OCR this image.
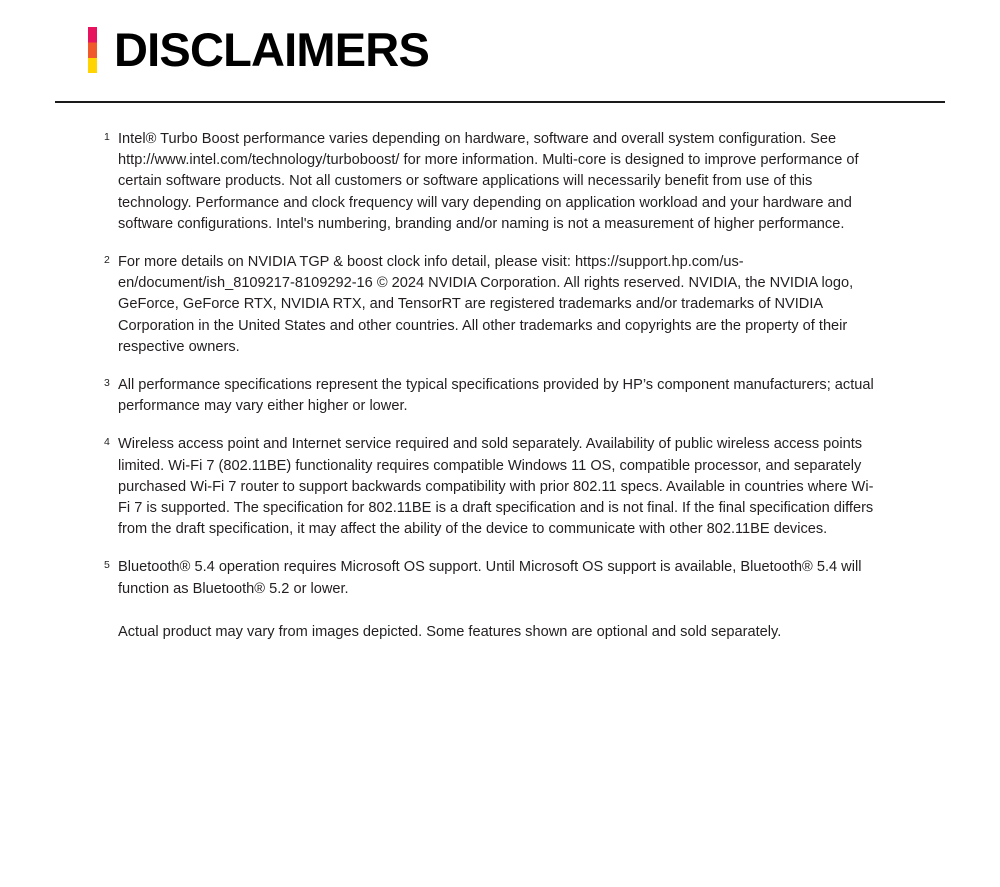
DISCLAIMERS
1 Intel® Turbo Boost performance varies depending on hardware, software and overall system configuration. See http://www.intel.com/technology/turboboost/ for more information. Multi-core is designed to improve performance of certain software products. Not all customers or software applications will necessarily benefit from use of this technology. Performance and clock frequency will vary depending on application workload and your hardware and software configurations. Intel's numbering, branding and/or naming is not a measurement of higher performance.
2 For more details on NVIDIA TGP & boost clock info detail, please visit: https://support.hp.com/us-en/document/ish_8109217-8109292-16 © 2024 NVIDIA Corporation. All rights reserved. NVIDIA, the NVIDIA logo, GeForce, GeForce RTX, NVIDIA RTX, and TensorRT are registered trademarks and/or trademarks of NVIDIA Corporation in the United States and other countries. All other trademarks and copyrights are the property of their respective owners.
3 All performance specifications represent the typical specifications provided by HP’s component manufacturers; actual performance may vary either higher or lower.
4 Wireless access point and Internet service required and sold separately. Availability of public wireless access points limited. Wi-Fi 7 (802.11BE) functionality requires compatible Windows 11 OS, compatible processor, and separately purchased Wi-Fi 7 router to support backwards compatibility with prior 802.11 specs. Available in countries where Wi-Fi 7 is supported. The specification for 802.11BE is a draft specification and is not final. If the final specification differs from the draft specification, it may affect the ability of the device to communicate with other 802.11BE devices.
5 Bluetooth® 5.4 operation requires Microsoft OS support. Until Microsoft OS support is available, Bluetooth® 5.4 will function as Bluetooth® 5.2 or lower.
Actual product may vary from images depicted. Some features shown are optional and sold separately.
